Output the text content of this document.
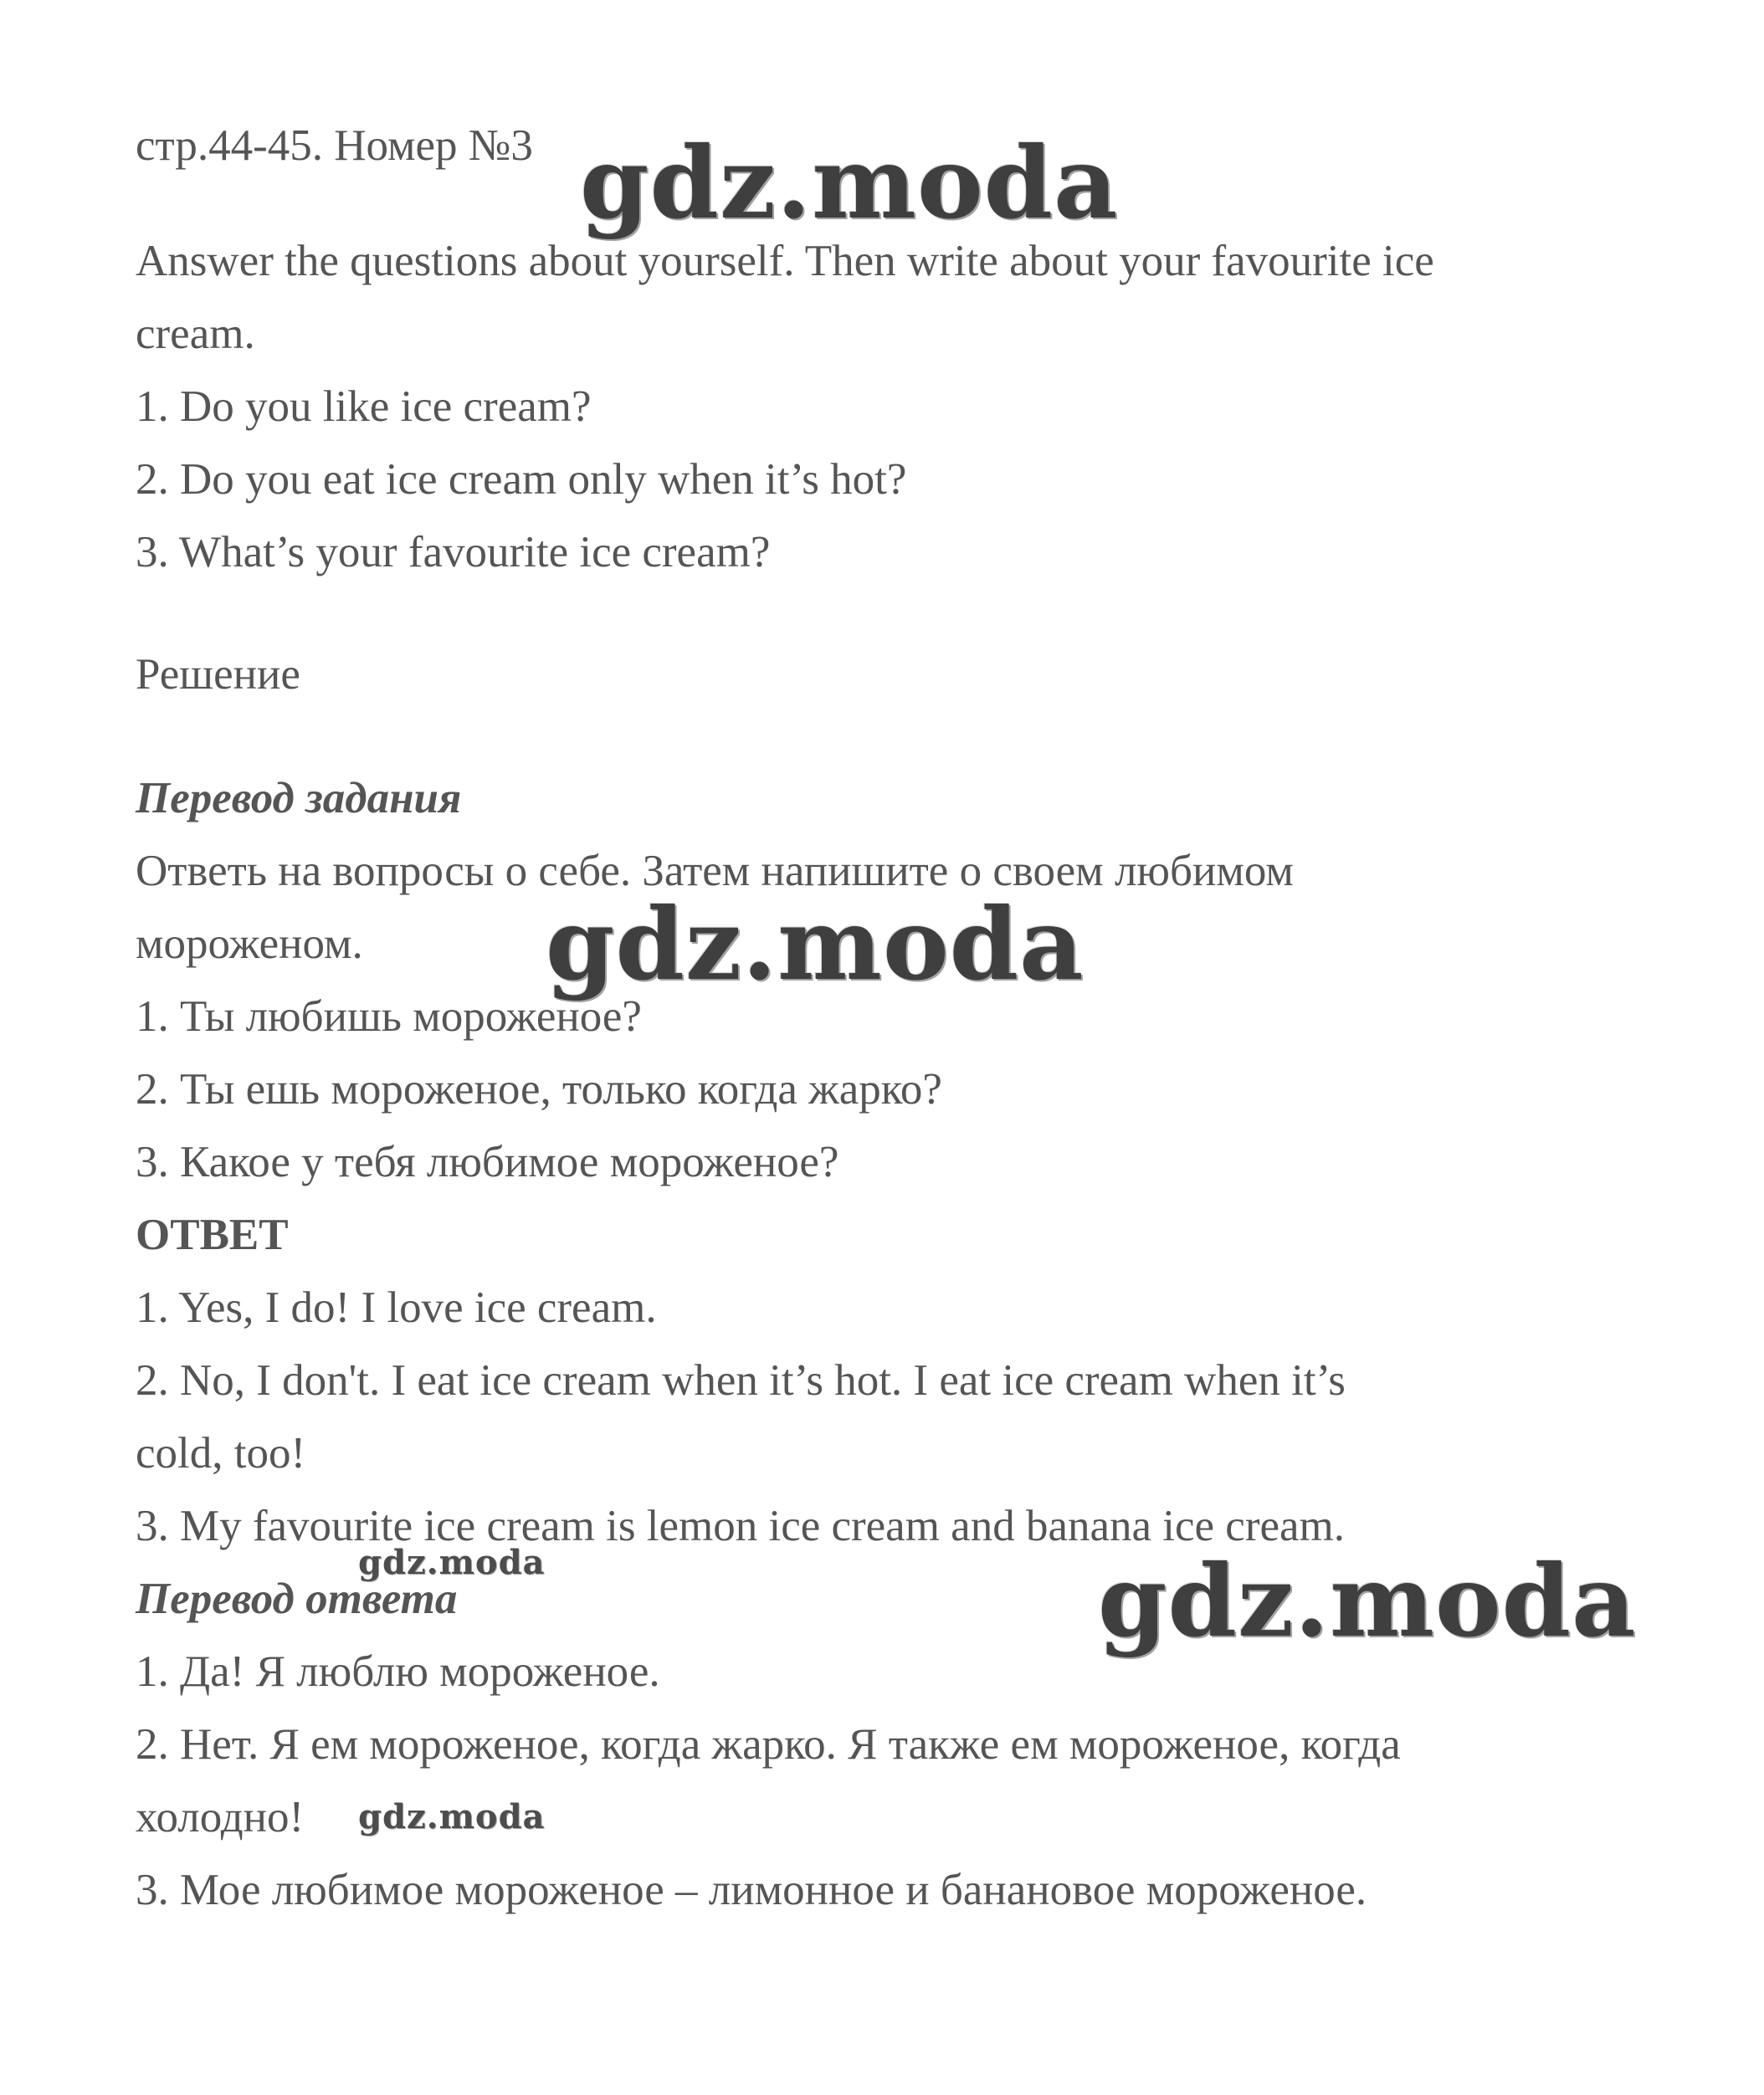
стр.44-45. Номер №3
Answer the questions about yourself. Then write about your favourite ice
cream.
1. Do you like ice cream?
2. Do you eat ice cream only when it’s hot?
3. What’s your favourite ice cream?
Решение
Перевод задания
Ответь на вопросы о себе. Затем напишите о своем любимом
мороженом.
1. Ты любишь мороженое?
2. Ты ешь мороженое, только когда жарко?
3. Какое у тебя любимое мороженое?
ОТВЕТ
1. Yes, I do! I love ice cream.
2. No, I don't. I eat ice cream when it’s hot. I eat ice cream when it’s
cold, too!
3. My favourite ice cream is lemon ice cream and banana ice cream.
Перевод ответа
1. Да! Я люблю мороженое.
2. Нет. Я ем мороженое, когда жарко. Я также ем мороженое, когда
холодно!
3. Мое любимое мороженое – лимонное и банановое мороженое.
gdz.moda
gdz.moda
gdz.moda
gdz.moda
gdz.moda
